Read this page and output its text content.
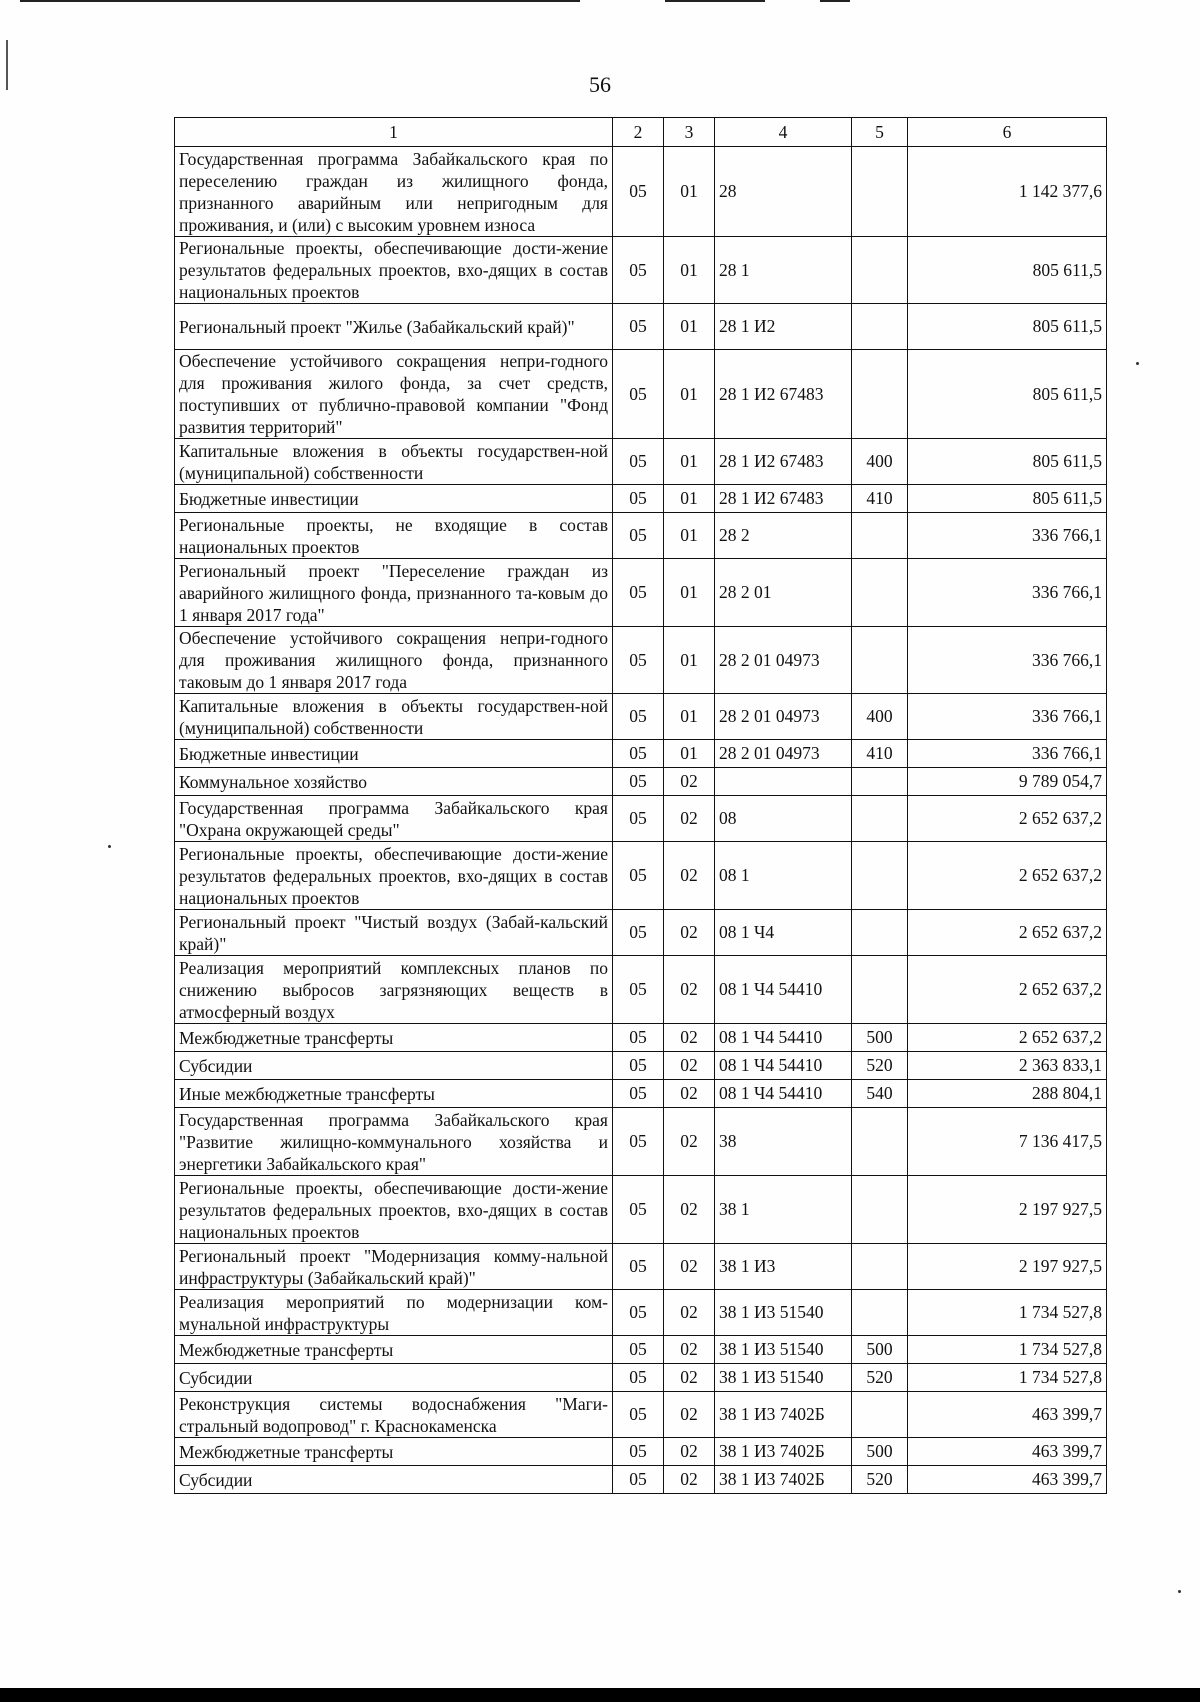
56
1	2	3	4	5	6
Государственная программа Забайкальского края по переселению граждан из жилищного фонда, признанного аварийным или непригодным для проживания, и (или) с высоким уровнем износа	05	01	28		1 142 377,6
Региональные проекты, обеспечивающие дости-жение результатов федеральных проектов, вхо-дящих в состав национальных проектов	05	01	28 1		805 611,5
Региональный проект "Жилье (Забайкальский край)"	05	01	28 1 И2		805 611,5
Обеспечение устойчивого сокращения непри-годного для проживания жилого фонда, за счет средств, поступивших от публично-правовой компании "Фонд развития территорий"	05	01	28 1 И2 67483		805 611,5
Капитальные вложения в объекты государствен-ной (муниципальной) собственности	05	01	28 1 И2 67483	400	805 611,5
Бюджетные инвестиции	05	01	28 1 И2 67483	410	805 611,5
Региональные проекты, не входящие в состав национальных проектов	05	01	28 2		336 766,1
Региональный проект "Переселение граждан из аварийного жилищного фонда, признанного та-ковым до 1 января 2017 года"	05	01	28 2 01		336 766,1
Обеспечение устойчивого сокращения непри-годного для проживания жилищного фонда, признанного таковым до 1 января 2017 года	05	01	28 2 01 04973		336 766,1
Капитальные вложения в объекты государствен-ной (муниципальной) собственности	05	01	28 2 01 04973	400	336 766,1
Бюджетные инвестиции	05	01	28 2 01 04973	410	336 766,1
Коммунальное хозяйство	05	02			9 789 054,7
Государственная программа Забайкальского края "Охрана окружающей среды"	05	02	08		2 652 637,2
Региональные проекты, обеспечивающие дости-жение результатов федеральных проектов, вхо-дящих в состав национальных проектов	05	02	08 1		2 652 637,2
Региональный проект "Чистый воздух (Забай-кальский край)"	05	02	08 1 Ч4		2 652 637,2
Реализация мероприятий комплексных планов по снижению выбросов загрязняющих веществ в атмосферный воздух	05	02	08 1 Ч4 54410		2 652 637,2
Межбюджетные трансферты	05	02	08 1 Ч4 54410	500	2 652 637,2
Субсидии	05	02	08 1 Ч4 54410	520	2 363 833,1
Иные межбюджетные трансферты	05	02	08 1 Ч4 54410	540	288 804,1
Государственная программа Забайкальского края "Развитие жилищно-коммунального хозяйства и энергетики Забайкальского края"	05	02	38		7 136 417,5
Региональные проекты, обеспечивающие дости-жение результатов федеральных проектов, вхо-дящих в состав национальных проектов	05	02	38 1		2 197 927,5
Региональный проект "Модернизация комму-нальной инфраструктуры (Забайкальский край)"	05	02	38 1 И3		2 197 927,5
Реализация мероприятий по модернизации ком-мунальной инфраструктуры	05	02	38 1 И3 51540		1 734 527,8
Межбюджетные трансферты	05	02	38 1 И3 51540	500	1 734 527,8
Субсидии	05	02	38 1 И3 51540	520	1 734 527,8
Реконструкция системы водоснабжения "Маги-стральный водопровод" г. Краснокаменска	05	02	38 1 И3 7402Б		463 399,7
Межбюджетные трансферты	05	02	38 1 И3 7402Б	500	463 399,7
Субсидии	05	02	38 1 И3 7402Б	520	463 399,7
